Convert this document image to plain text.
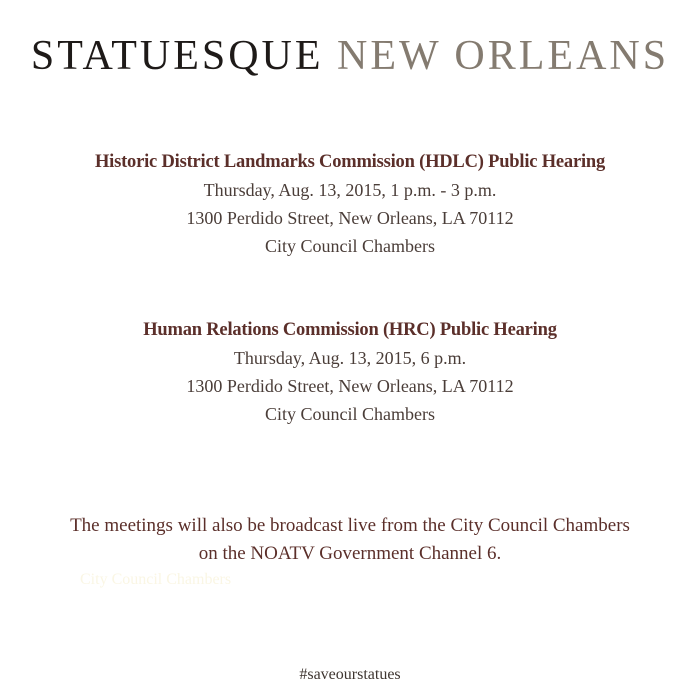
STATUESQUE NEW ORLEANS
Historic District Landmarks Commission (HDLC) Public Hearing
Thursday, Aug. 13, 2015, 1 p.m. - 3 p.m.
1300 Perdido Street, New Orleans, LA 70112
City Council Chambers
Human Relations Commission (HRC) Public Hearing
Thursday, Aug. 13, 2015, 6 p.m.
1300 Perdido Street, New Orleans, LA 70112
City Council Chambers
The meetings will also be broadcast live from the City Council Chambers
on the NOATV Government Channel 6.
City Council Chambers
#saveourstatues
